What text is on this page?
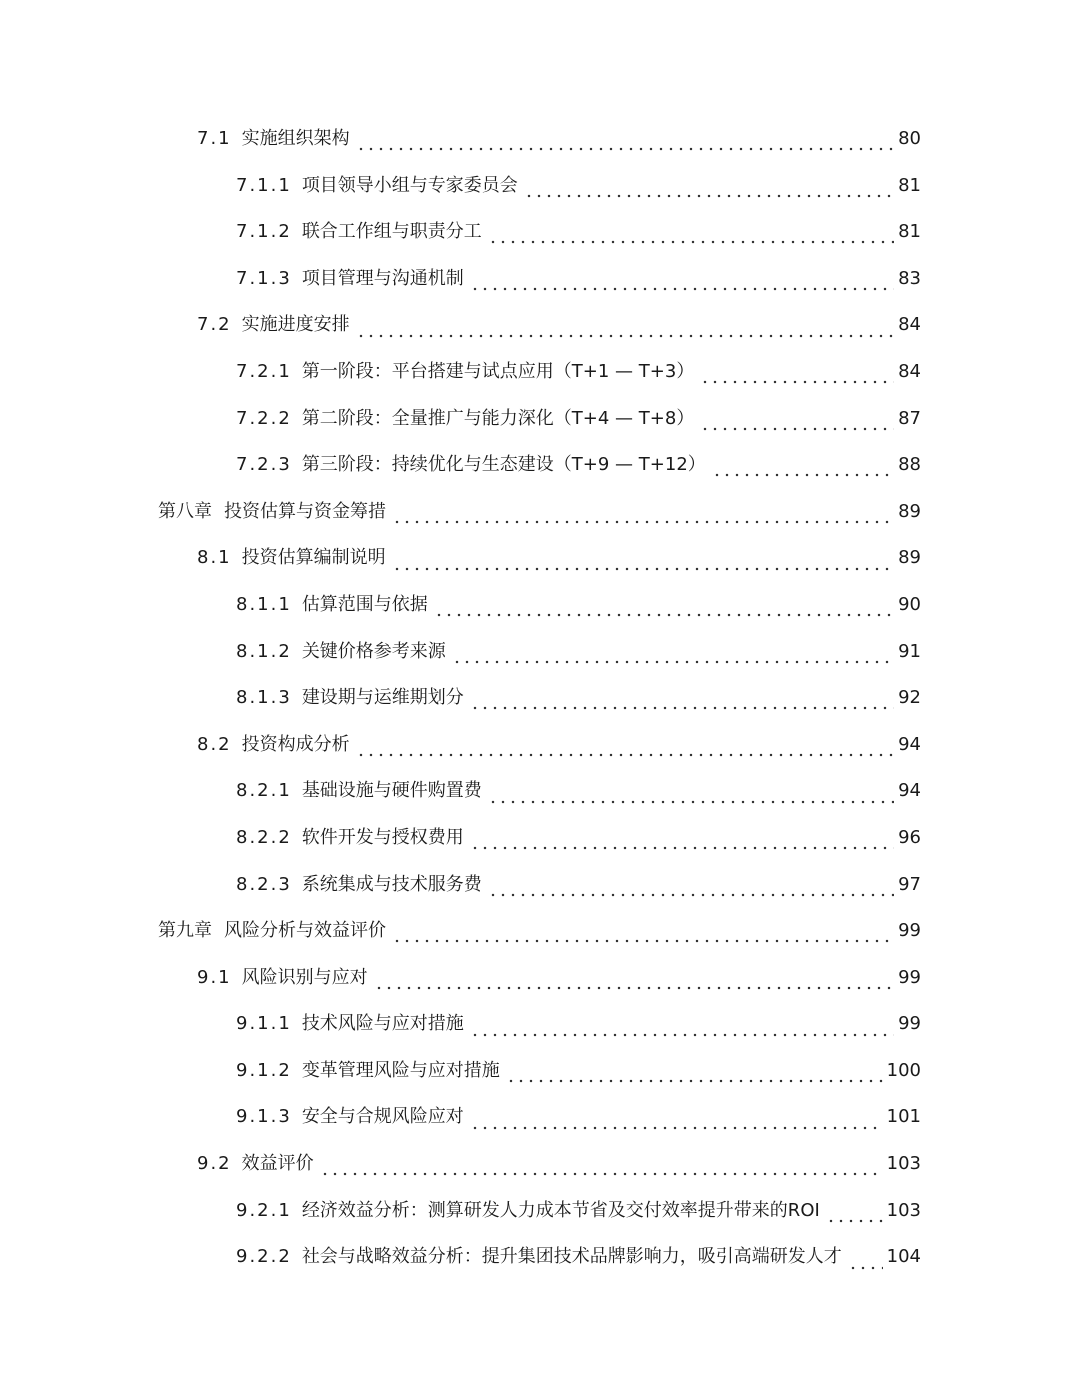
7.1 实施组织架构	80
7.1.1 项目领导小组与专家委员会	81
7.1.2 联合工作组与职责分工	81
7.1.3 项目管理与沟通机制	83
7.2 实施进度安排	84
7.2.1 第一阶段：平台搭建与试点应用（T+1 — T+3）	84
7.2.2 第二阶段：全量推广与能力深化（T+4 — T+8）	87
7.2.3 第三阶段：持续优化与生态建设（T+9 — T+12）	88
第八章 投资估算与资金筹措	89
8.1 投资估算编制说明	89
8.1.1 估算范围与依据	90
8.1.2 关键价格参考来源	91
8.1.3 建设期与运维期划分	92
8.2 投资构成分析	94
8.2.1 基础设施与硬件购置费	94
8.2.2 软件开发与授权费用	96
8.2.3 系统集成与技术服务费	97
第九章 风险分析与效益评价	99
9.1 风险识别与应对	99
9.1.1 技术风险与应对措施	99
9.1.2 变革管理风险与应对措施	100
9.1.3 安全与合规风险应对	101
9.2 效益评价	103
9.2.1 经济效益分析：测算研发人力成本节省及交付效率提升带来的ROI	103
9.2.2 社会与战略效益分析：提升集团技术品牌影响力，吸引高端研发人才 104
